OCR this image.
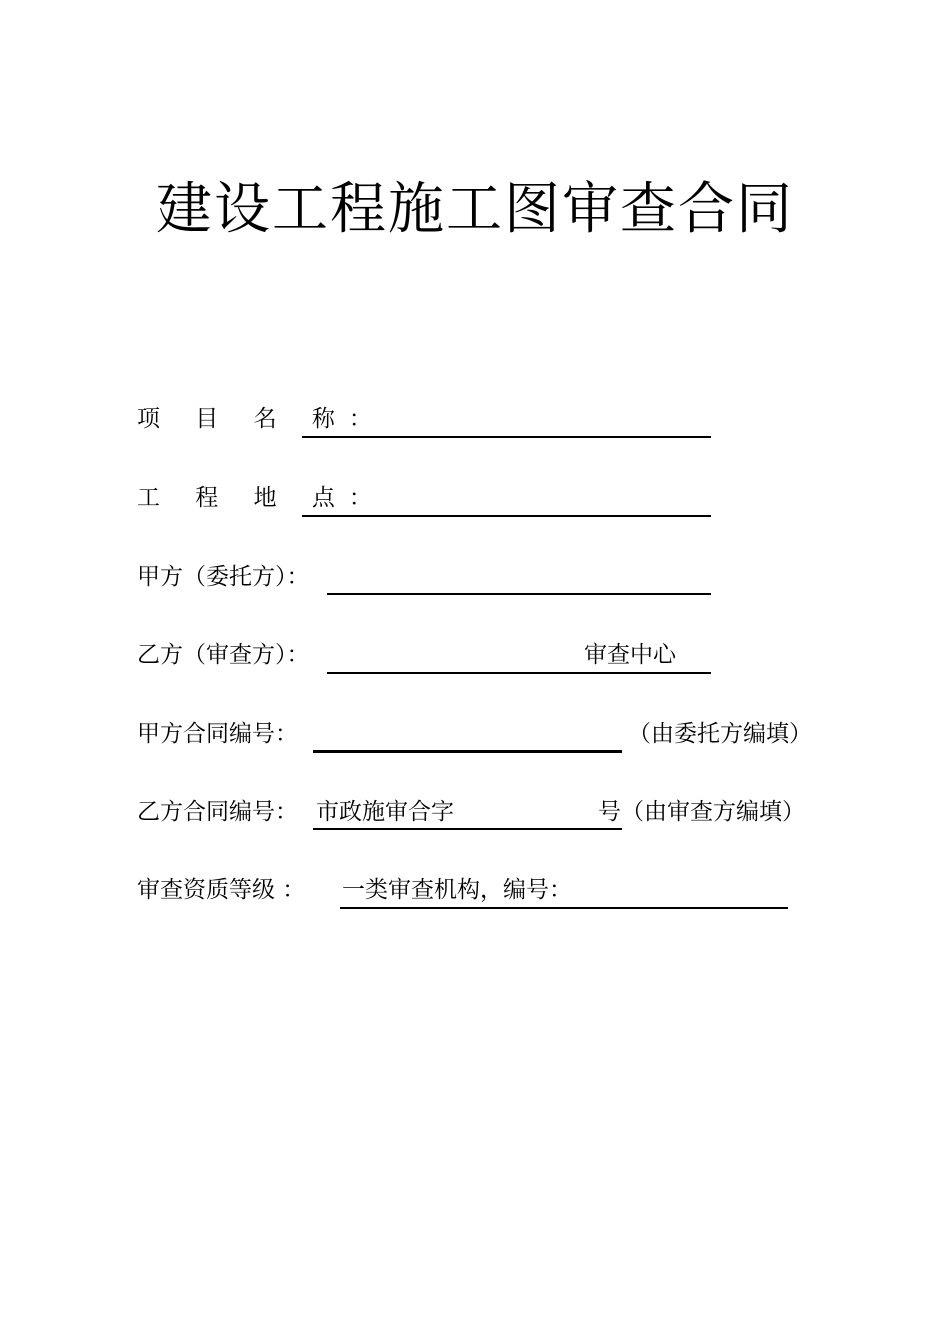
建设工程施工图审查合同
项 目 名 称：
工 程 地 点：
甲方（委托方）：
乙方（审查方）：	审查中心
甲方合同编号：	（由委托方编填）
乙方合同编号： 市政施审合字	号（由审查方编填）
审查资质等级 ： 一类审查机构，编号：
